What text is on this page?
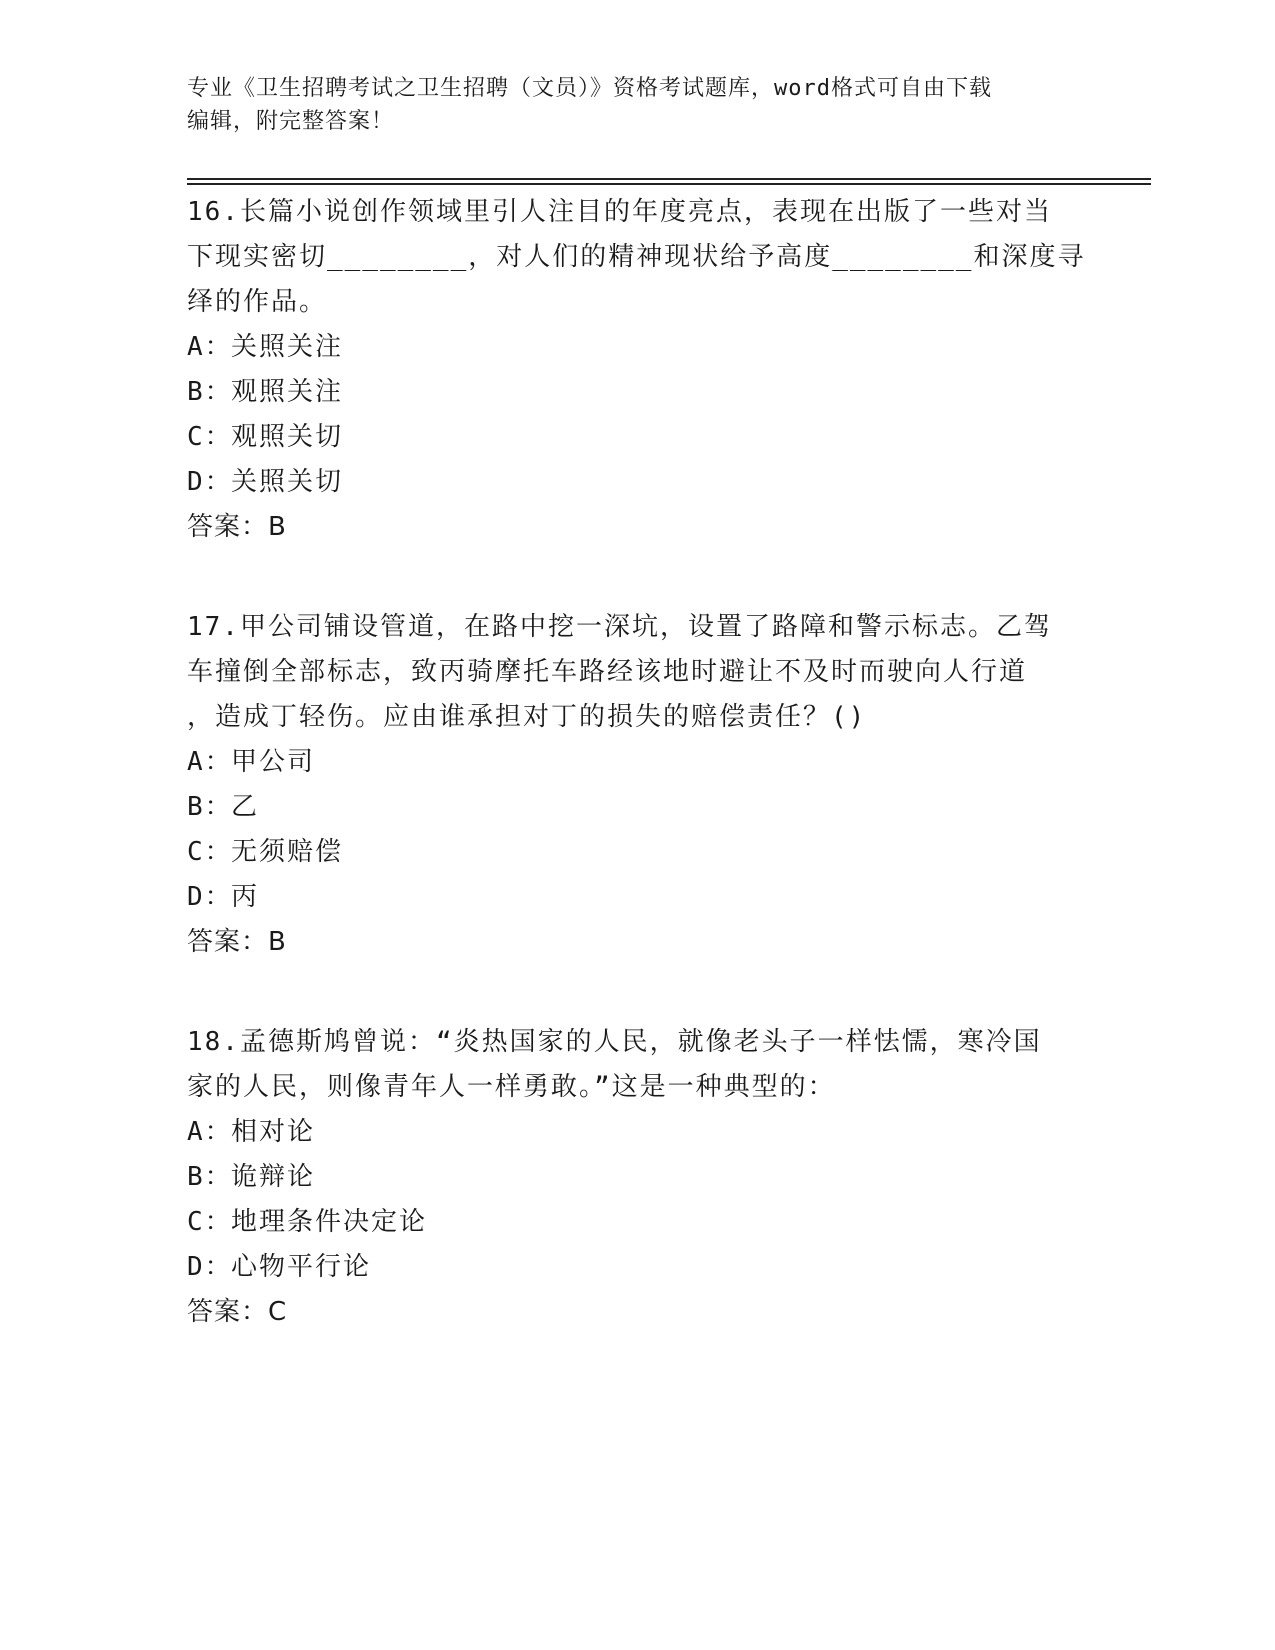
专业《卫生招聘考试之卫生招聘（文员）》资格考试题库，word格式可自由下载
编辑，附完整答案！
16.长篇小说创作领域里引人注目的年度亮点，表现在出版了一些对当
下现实密切________，对人们的精神现状给予高度________和深度寻
绎的作品。
A：关照关注
B：观照关注
C：观照关切
D：关照关切
答案：B
17.甲公司铺设管道，在路中挖一深坑，设置了路障和警示标志。乙驾
车撞倒全部标志，致丙骑摩托车路经该地时避让不及时而驶向人行道
，造成丁轻伤。应由谁承担对丁的损失的赔偿责任？()
A：甲公司
B：乙
C：无须赔偿
D：丙
答案：B
18.孟德斯鸠曾说：“炎热国家的人民，就像老头子一样怯懦，寒冷国
家的人民，则像青年人一样勇敢。”这是一种典型的：
A：相对论
B：诡辩论
C：地理条件决定论
D：心物平行论
答案：C
